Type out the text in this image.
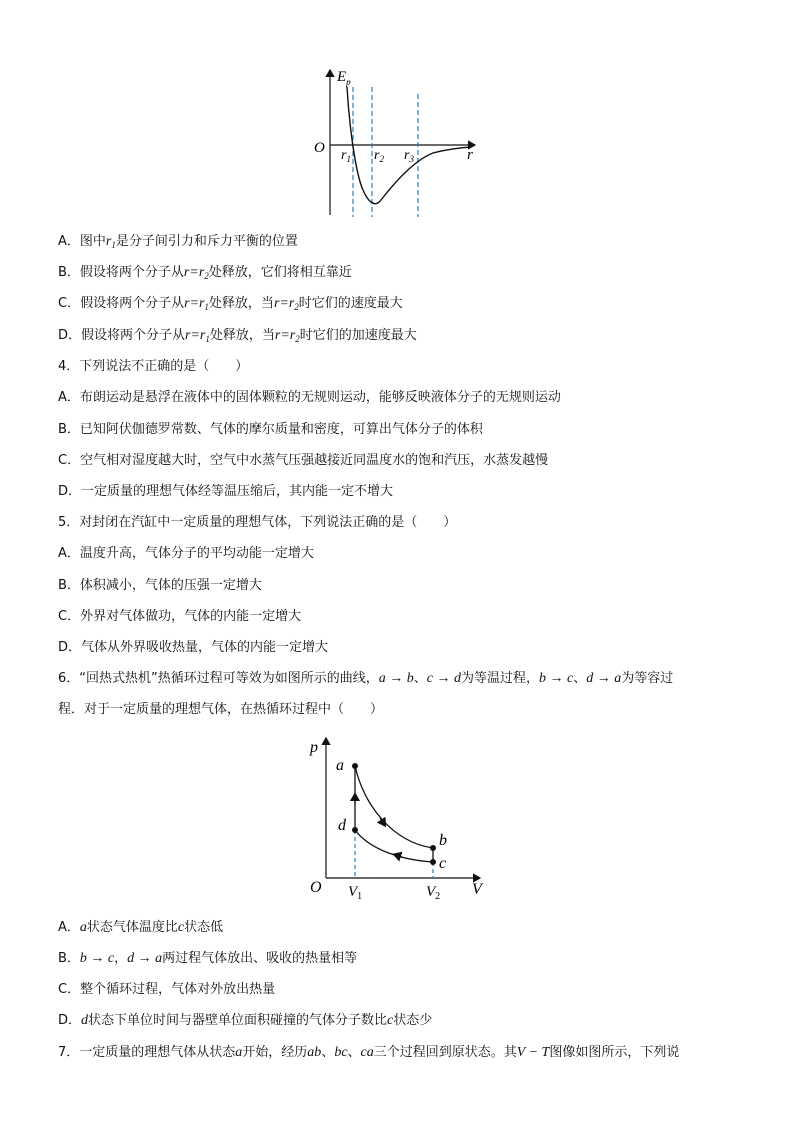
$E_p$
O	r
$r_1$ $r_2$ $r_3$
A．图中$r_1$是分子间引力和斥力平衡的位置
B．假设将两个分子从$r=r_2$处释放，它们将相互靠近
C．假设将两个分子从$r=r_1$处释放，当$r=r_2$时它们的速度最大
D．假设将两个分子从$r=r_1$处释放，当$r=r_2$时它们的加速度最大
4．下列说法不正确的是（　　）
A．布朗运动是悬浮在液体中的固体颗粒的无规则运动，能够反映液体分子的无规则运动
B．已知阿伏伽德罗常数、气体的摩尔质量和密度，可算出气体分子的体积
C．空气相对湿度越大时，空气中水蒸气压强越接近同温度水的饱和汽压，水蒸发越慢
D．一定质量的理想气体经等温压缩后，其内能一定不增大
5．对封闭在汽缸中一定质量的理想气体，下列说法正确的是（　　）
A．温度升高，气体分子的平均动能一定增大
B．体积减小，气体的压强一定增大
C．外界对气体做功，气体的内能一定增大
D．气体从外界吸收热量，气体的内能一定增大
6．“回热式热机”热循环过程可等效为如图所示的曲线，a → b、c → d为等温过程，b → c、d → a为等容过
程．对于一定质量的理想气体，在热循环过程中（　　）
p
V
O
a
b
c
d
$V_1$	$V_2$
A．a状态气体温度比c状态低
B．b → c，d → a两过程气体放出、吸收的热量相等
C．整个循环过程，气体对外放出热量
D．d状态下单位时间与器壁单位面积碰撞的气体分子数比c状态少
7．一定质量的理想气体从状态a开始，经历ab、bc、ca三个过程回到原状态。其V − T图像如图所示，下列说
